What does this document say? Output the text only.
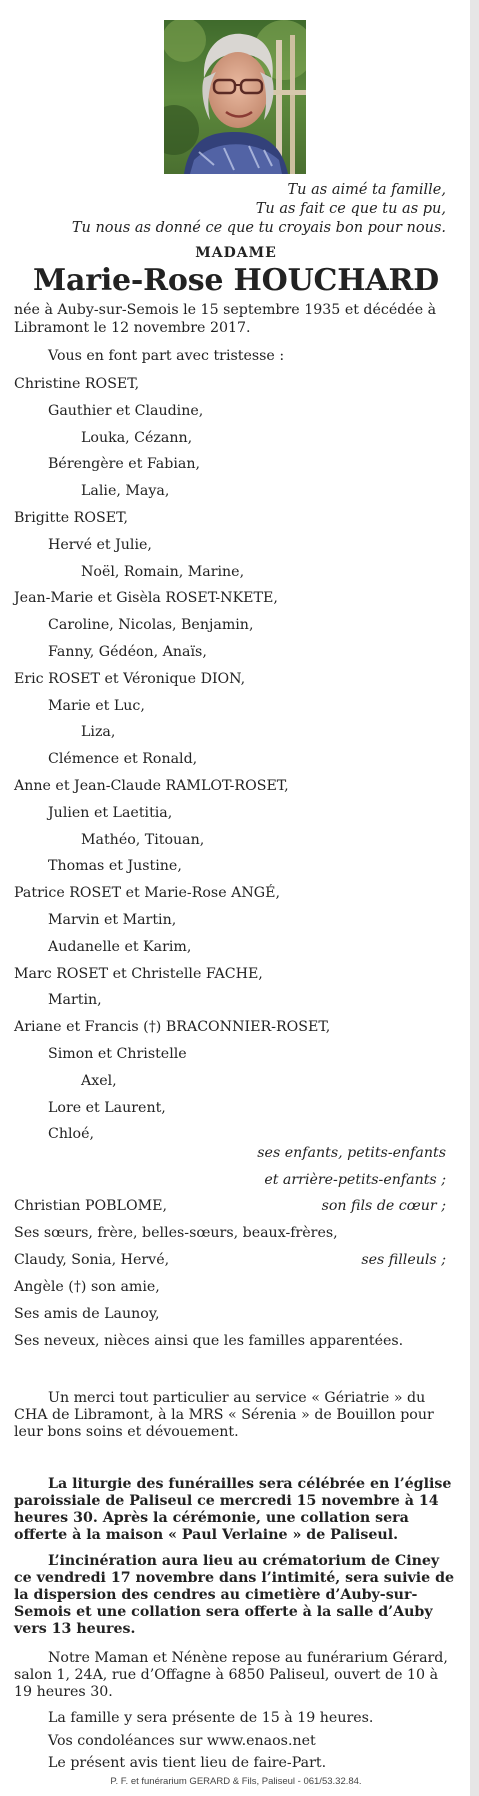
Tu as aimé ta famille,
Tu as fait ce que tu as pu,
Tu nous as donné ce que tu croyais bon pour nous.
MADAME
Marie-Rose HOUCHARD
née à Auby-sur-Semois le 15 septembre 1935 et décédée à
Libramont le 12 novembre 2017.
Vous en font part avec tristesse :
Christine ROSET,
Gauthier et Claudine,
Louka, Cézann,
Bérengère et Fabian,
Lalie, Maya,
Brigitte ROSET,
Hervé et Julie,
Noël, Romain, Marine,
Jean-Marie et Gisèla ROSET-NKETE,
Caroline, Nicolas, Benjamin,
Fanny, Gédéon, Anaïs,
Eric ROSET et Véronique DION,
Marie et Luc,
Liza,
Clémence et Ronald,
Anne et Jean-Claude RAMLOT-ROSET,
Julien et Laetitia,
Mathéo, Titouan,
Thomas et Justine,
Patrice ROSET et Marie-Rose ANGÉ,
Marvin et Martin,
Audanelle et Karim,
Marc ROSET et Christelle FACHE,
Martin,
Ariane et Francis (†) BRACONNIER-ROSET,
Simon et Christelle
Axel,
Lore et Laurent,
Chloé,
ses enfants, petits-enfants
et arrière-petits-enfants ;
Christian POBLOME,	son fils de cœur ;
Ses sœurs, frère, belles-sœurs, beaux-frères,
Claudy, Sonia, Hervé,	ses filleuls ;
Angèle (†) son amie,
Ses amis de Launoy,
Ses neveux, nièces ainsi que les familles apparentées.
Un merci tout particulier au service « Gériatrie » du CHA de Libramont, à la MRS « Sérenia » de Bouillon pour leur bons soins et dévouement.
La liturgie des funérailles sera célébrée en l’église paroissiale de Paliseul ce mercredi 15 novembre à 14 heures 30. Après la cérémonie, une collation sera offerte à la maison « Paul Verlaine » de Paliseul.
L’incinération aura lieu au crématorium de Ciney ce vendredi 17 novembre dans l’intimité, sera suivie de la dispersion des cendres au cimetière d’Auby-sur-Semois et une collation sera offerte à la salle d’Auby vers 13 heures.
Notre Maman et Nénène repose au funérarium Gérard, salon 1, 24A, rue d’Offagne à 6850 Paliseul, ouvert de 10 à 19 heures 30.
La famille y sera présente de 15 à 19 heures.
Vos condoléances sur www.enaos.net
Le présent avis tient lieu de faire-Part.
P. F. et funérarium GERARD & Fils, Paliseul - 061/53.32.84.
